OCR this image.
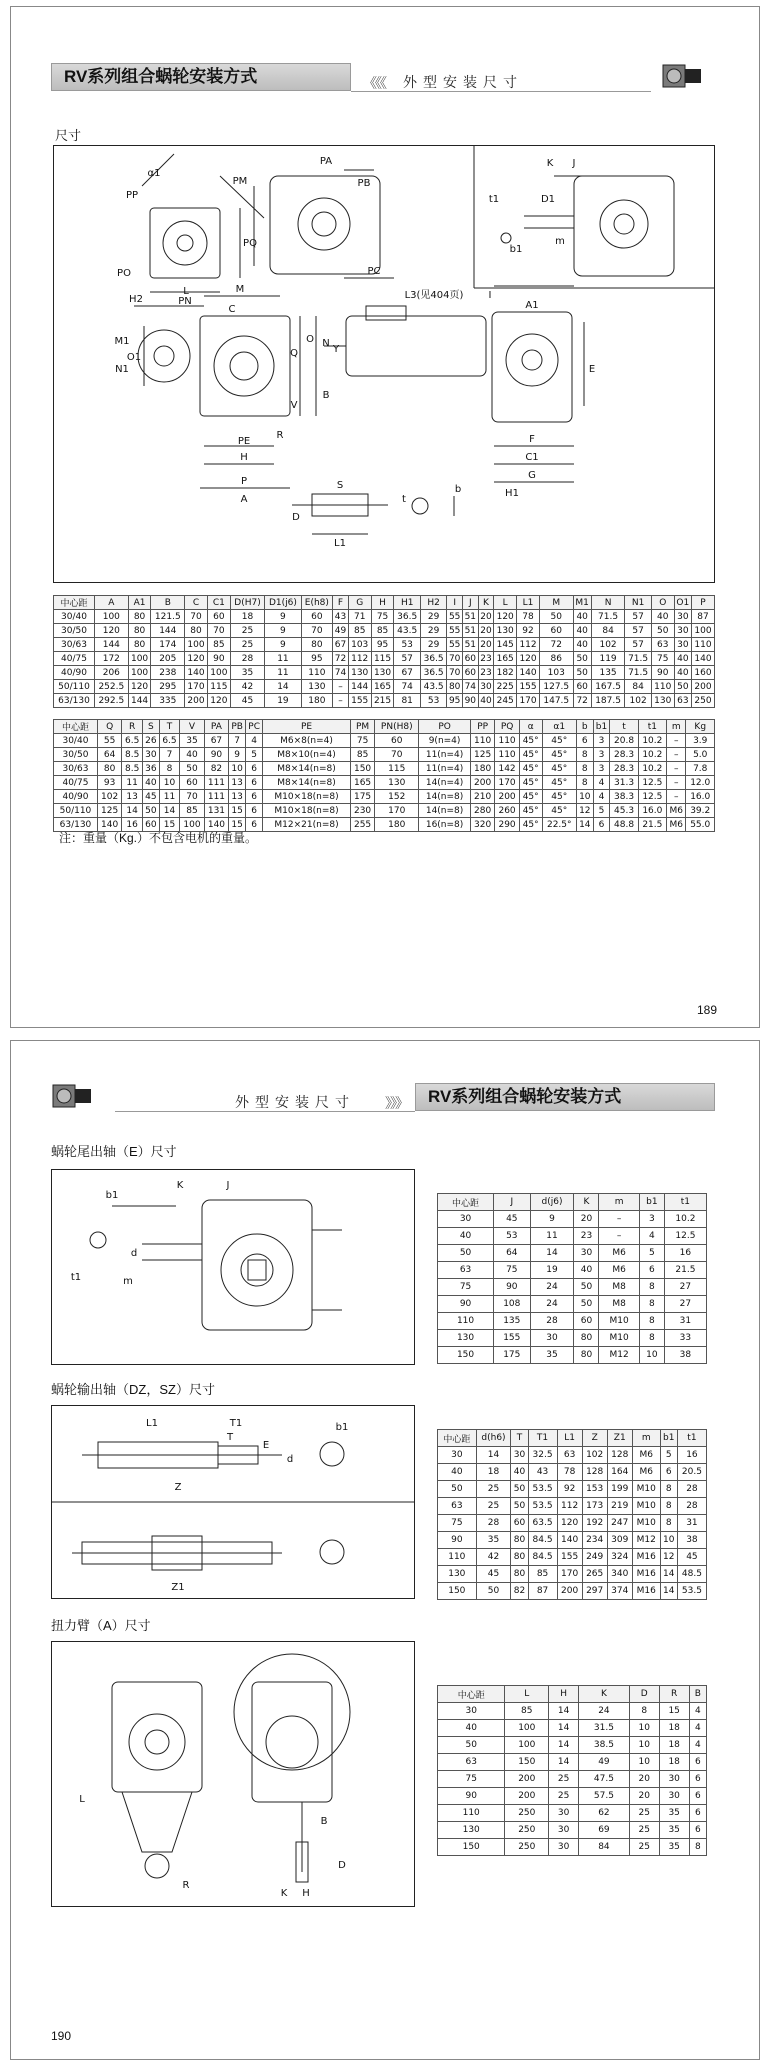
RV系列组合蜗轮安装方式	《《《 外型安装尺寸
尺寸
PA
PB
PC
PP
PM
PQ
PN
PO
α1
K J
D1
t1
b1
m
H2
L	M
C
M1
N1
O1
N
O
Q
V
B
R
PE
H
P
A
Y
L3(见404页)	I
A1
E
F
C1
G
H1
L1
S
D
t
b
中心距	A	A1	B	C	C1	D(H7)	D1(j6)	E(h8)	F	G	H	H1	H2	I	J	K	L	L1	M	M1	N	N1	O	O1	P
30/40	100	80	121.5	70	60	18	9	60	43	71	75	36.5	29	55	51	20	120	78	50	40	71.5	57	40	30	87
30/50	120	80	144	80	70	25	9	70	49	85	85	43.5	29	55	51	20	130	92	60	40	84	57	50	30	100
30/63	144	80	174	100	85	25	9	80	67	103	95	53	29	55	51	20	145	112	72	40	102	57	63	30	110
40/75	172	100	205	120	90	28	11	95	72	112	115	57	36.5	70	60	23	165	120	86	50	119	71.5	75	40	140
40/90	206	100	238	140	100	35	11	110	74	130	130	67	36.5	70	60	23	182	140	103	50	135	71.5	90	40	160
50/110	252.5	120	295	170	115	42	14	130	–	144	165	74	43.5	80	74	30	225	155	127.5	60	167.5	84	110	50	200
63/130	292.5	144	335	200	120	45	19	180	–	155	215	81	53	95	90	40	245	170	147.5	72	187.5	102	130	63	250
中心距	Q	R	S	T	V	PA	PB	PC	PE	PM	PN(H8)	PO	PP	PQ	α	α1	b	b1	t	t1	m	Kg
30/40	55	6.5	26	6.5	35	67	7	4	M6×8(n=4)	75	60	9(n=4)	110	110	45°	45°	6	3	20.8	10.2	–	3.9
30/50	64	8.5	30	7	40	90	9	5	M8×10(n=4)	85	70	11(n=4)	125	110	45°	45°	8	3	28.3	10.2	–	5.0
30/63	80	8.5	36	8	50	82	10	6	M8×14(n=8)	150	115	11(n=4)	180	142	45°	45°	8	3	28.3	10.2	–	7.8
40/75	93	11	40	10	60	111	13	6	M8×14(n=8)	165	130	14(n=4)	200	170	45°	45°	8	4	31.3	12.5	–	12.0
40/90	102	13	45	11	70	111	13	6	M10×18(n=8)	175	152	14(n=8)	210	200	45°	45°	10	4	38.3	12.5	–	16.0
50/110	125	14	50	14	85	131	15	6	M10×18(n=8)	230	170	14(n=8)	280	260	45°	45°	12	5	45.3	16.0	M6	39.2
63/130	140	16	60	15	100	140	15	6	M12×21(n=8)	255	180	16(n=8)	320	290	45°	22.5°	14	6	48.8	21.5	M6	55.0
注：重量（Kg.）不包含电机的重量。
189
外型安装尺寸 》》》	RV系列组合蜗轮安装方式
蜗轮尾出轴（E）尺寸
b1
K	J
d
t1	m
中心距	J	d(j6)	K	m	b1	t1
30	45	9	20	–	3	10.2
40	53	11	23	–	4	12.5
50	64	14	30	M6	5	16
63	75	19	40	M6	6	21.5
75	90	24	50	M8	8	27
90	108	24	50	M8	8	27
110	135	28	60	M10	8	31
130	155	30	80	M10	8	33
150	175	35	80	M12	10	38
蜗轮输出轴（DZ，SZ）尺寸
L1	T1
T
E
d
b1
Z
Z1
中心距	d(h6)	T	T1	L1	Z	Z1	m	b1	t1
30	14	30	32.5	63	102	128	M6	5	16
40	18	40	43	78	128	164	M6	6	20.5
50	25	50	53.5	92	153	199	M10	8	28
63	25	50	53.5	112	173	219	M10	8	28
75	28	60	63.5	120	192	247	M10	8	31
90	35	80	84.5	140	234	309	M12	10	38
110	42	80	84.5	155	249	324	M16	12	45
130	45	80	85	170	265	340	M16	14	48.5
150	50	82	87	200	297	374	M16	14	53.5
扭力臂（A）尺寸
L
R
B
K H
D
中心距	L	H	K	D	R	B
30	85	14	24	8	15	4
40	100	14	31.5	10	18	4
50	100	14	38.5	10	18	4
63	150	14	49	10	18	6
75	200	25	47.5	20	30	6
90	200	25	57.5	20	30	6
110	250	30	62	25	35	6
130	250	30	69	25	35	6
150	250	30	84	25	35	8
190
